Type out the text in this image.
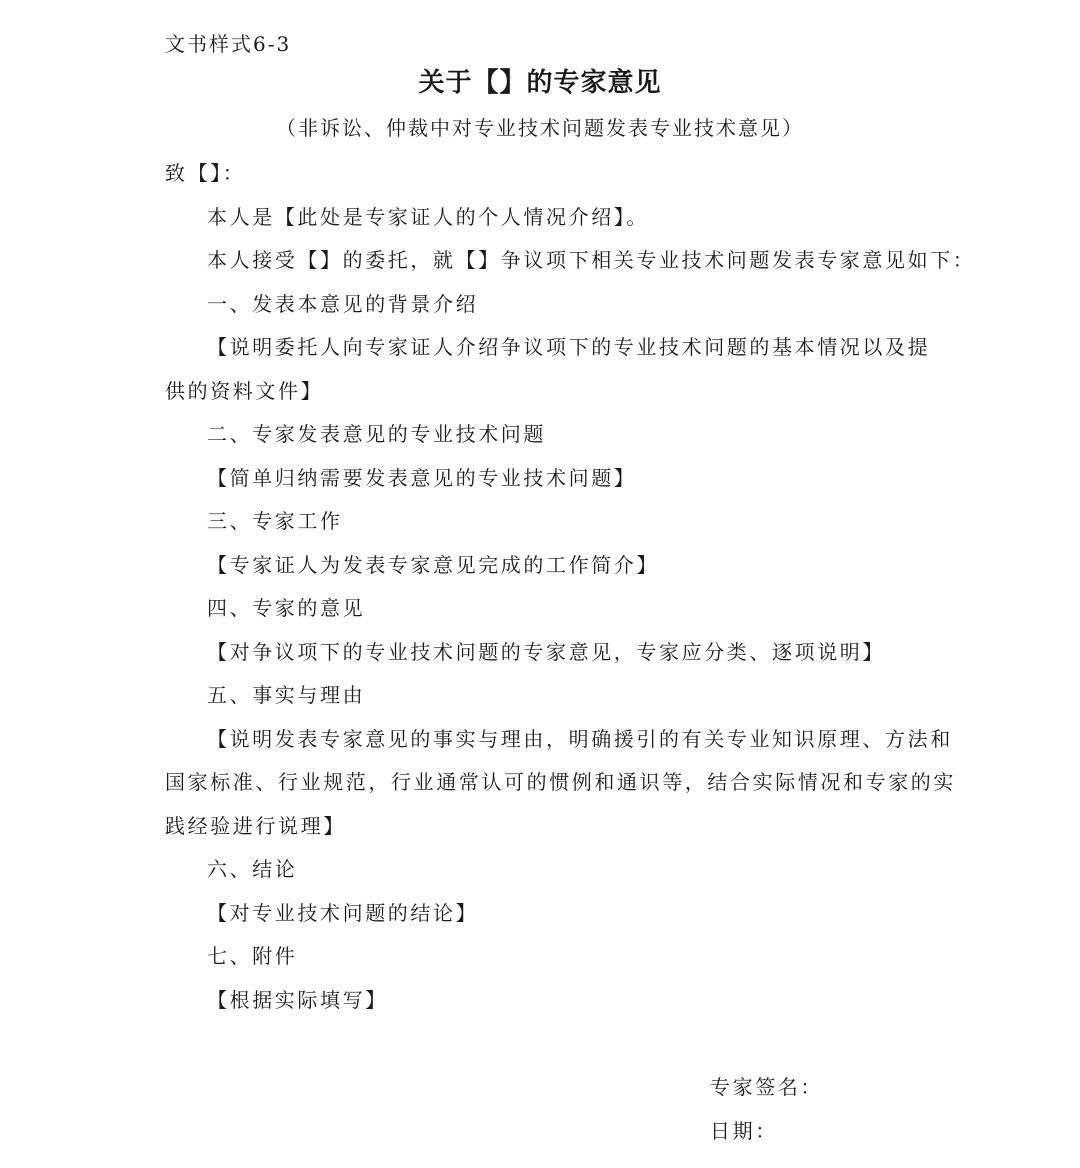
文书样式6-3
关于【】的专家意见
（非诉讼、仲裁中对专业技术问题发表专业技术意见）
致【】：
本人是【此处是专家证人的个人情况介绍】。
本人接受【】的委托，就【】争议项下相关专业技术问题发表专家意见如下：
一、发表本意见的背景介绍
【说明委托人向专家证人介绍争议项下的专业技术问题的基本情况以及提
供的资料文件】
二、专家发表意见的专业技术问题
【简单归纳需要发表意见的专业技术问题】
三、专家工作
【专家证人为发表专家意见完成的工作简介】
四、专家的意见
【对争议项下的专业技术问题的专家意见，专家应分类、逐项说明】
五、事实与理由
【说明发表专家意见的事实与理由，明确援引的有关专业知识原理、方法和
国家标准、行业规范，行业通常认可的惯例和通识等，结合实际情况和专家的实
践经验进行说理】
六、结论
【对专业技术问题的结论】
七、附件
【根据实际填写】
专家签名：
日期：
